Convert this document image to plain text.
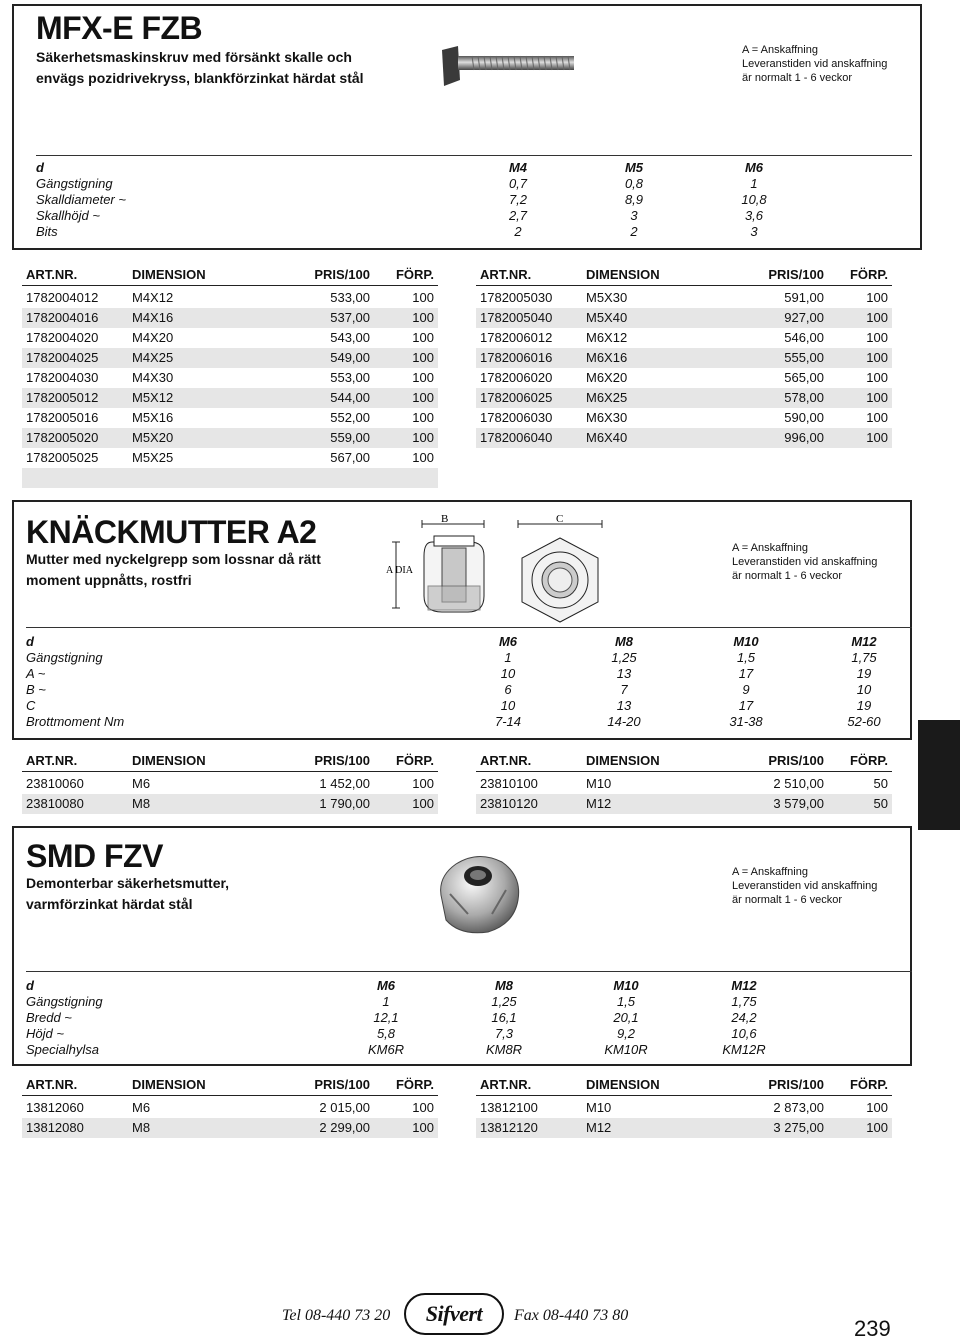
MFX-E FZB
Säkerhetsmaskinskruv med försänkt skalle och
envägs pozidrivekryss, blankförzinkat härdat stål
A = Anskaffning
Leveranstiden vid anskaffning
är normalt 1 - 6 veckor
d	M4	M5	M6
Gängstigning	0,7	0,8	1
Skalldiameter ~	7,2	8,9	10,8
Skallhöjd ~	2,7	3	3,6
Bits	2	2	3
ART.NR.	DIMENSION	PRIS/100 FÖRP.
1782004012	M4X12	533,00	100
1782004016	M4X16	537,00	100
1782004020	M4X20	543,00	100
1782004025	M4X25	549,00	100
1782004030	M4X30	553,00	100
1782005012	M5X12	544,00	100
1782005016	M5X16	552,00	100
1782005020	M5X20	559,00	100
1782005025	M5X25	567,00	100
ART.NR.	DIMENSION	PRIS/100 FÖRP.
1782005030	M5X30	591,00	100
1782005040	M5X40	927,00	100
1782006012	M6X12	546,00	100
1782006016	M6X16	555,00	100
1782006020	M6X20	565,00	100
1782006025	M6X25	578,00	100
1782006030	M6X30	590,00	100
1782006040	M6X40	996,00	100
KNÄCKMUTTER A2
Mutter med nyckelgrepp som lossnar då rätt
moment uppnåtts, rostfri
B
A DIA
C
A = Anskaffning
Leveranstiden vid anskaffning
är normalt 1 - 6 veckor
d	M6	M8	M10	M12
Gängstigning	1	1,25	1,5	1,75
A ~	10	13	17	19
B ~	6	7	9	10
C	10	13	17	19
Brottmoment Nm	7-14	14-20	31-38	52-60
ART.NR.	DIMENSION	PRIS/100 FÖRP.
23810060	M6	1 452,00	100
23810080	M8	1 790,00	100
ART.NR.	DIMENSION	PRIS/100 FÖRP.
23810100	M10	2 510,00	50
23810120	M12	3 579,00	50
SMD FZV
Demonterbar säkerhetsmutter,
varmförzinkat härdat stål
A = Anskaffning
Leveranstiden vid anskaffning
är normalt 1 - 6 veckor
d	M6	M8	M10	M12
Gängstigning	1	1,25	1,5	1,75
Bredd ~	12,1	16,1	20,1	24,2
Höjd ~	5,8	7,3	9,2	10,6
Specialhylsa	KM6R	KM8R	KM10R	KM12R
ART.NR.	DIMENSION	PRIS/100 FÖRP.
13812060	M6	2 015,00	100
13812080	M8	2 299,00	100
ART.NR.	DIMENSION	PRIS/100 FÖRP.
13812100	M10	2 873,00	100
13812120	M12	3 275,00	100
Tel 08-440 73 20 Sifvert Fax 08-440 73 80
239
